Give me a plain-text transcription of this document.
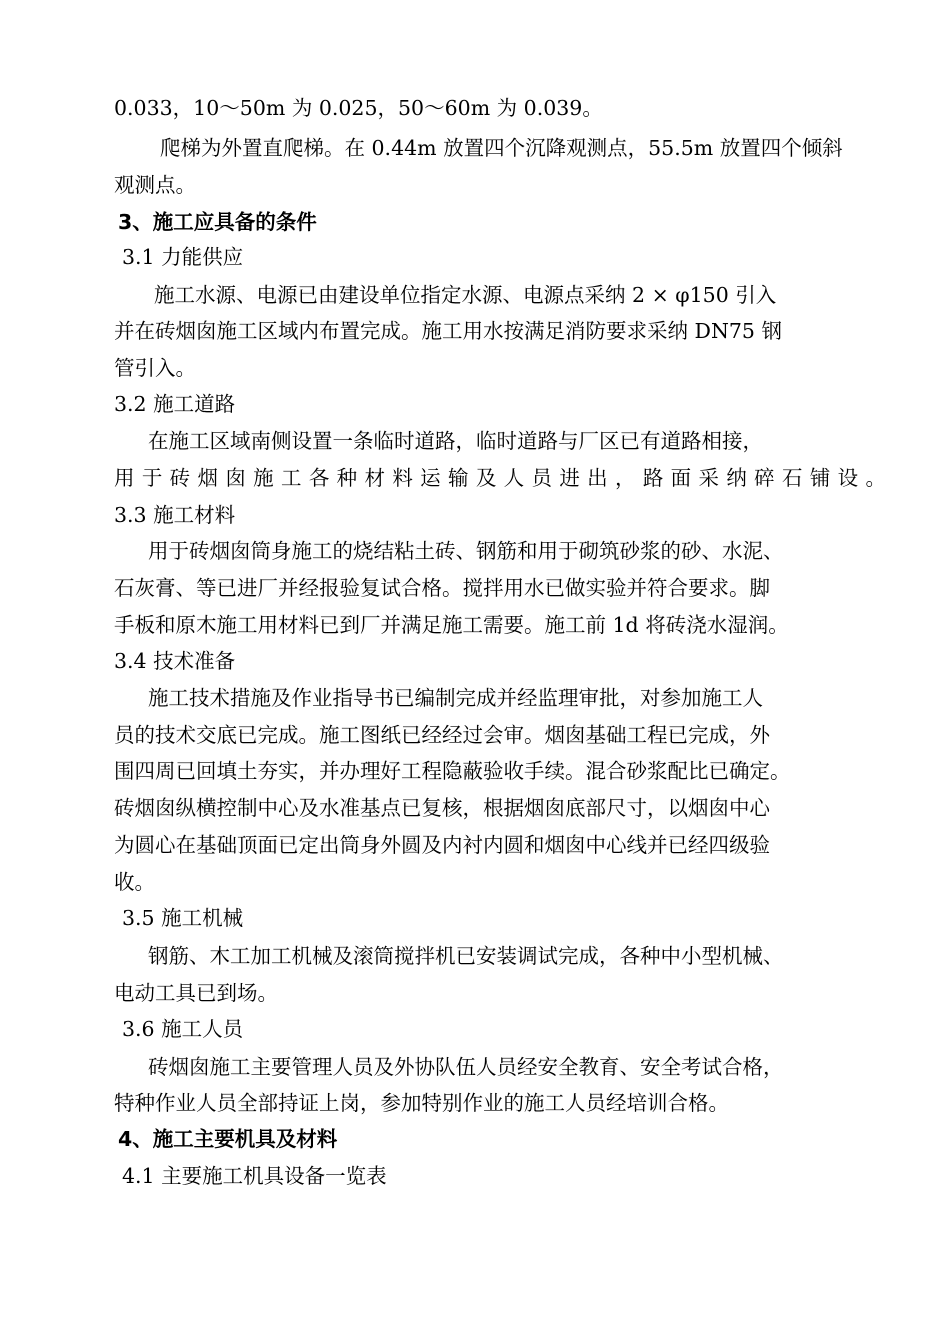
0.033，10～50m 为 0.025，50～60m 为 0.039。
爬梯为外置直爬梯。在 0.44m 放置四个沉降观测点，55.5m 放置四个倾斜
观测点。
3、施工应具备的条件
3.1 力能供应
施工水源、电源已由建设单位指定水源、电源点采纳 2 × φ150 引入
并在砖烟囱施工区域内布置完成。施工用水按满足消防要求采纳 DN75 钢
管引入。
3.2 施工道路
在施工区域南侧设置一条临时道路，临时道路与厂区已有道路相接，
用于砖烟囱施工各种材料运输及人员进出，路面采纳碎石铺设。
3.3 施工材料
用于砖烟囱筒身施工的烧结粘土砖、钢筋和用于砌筑砂浆的砂、水泥、
石灰膏、等已进厂并经报验复试合格。搅拌用水已做实验并符合要求。脚
手板和原木施工用材料已到厂并满足施工需要。施工前 1d 将砖浇水湿润。
3.4 技术准备
施工技术措施及作业指导书已编制完成并经监理审批，对参加施工人
员的技术交底已完成。施工图纸已经经过会审。烟囱基础工程已完成，外
围四周已回填土夯实，并办理好工程隐蔽验收手续。混合砂浆配比已确定。
砖烟囱纵横控制中心及水准基点已复核，根据烟囱底部尺寸，以烟囱中心
为圆心在基础顶面已定出筒身外圆及内衬内圆和烟囱中心线并已经四级验
收。
3.5 施工机械
钢筋、木工加工机械及滚筒搅拌机已安装调试完成，各种中小型机械、
电动工具已到场。
3.6 施工人员
砖烟囱施工主要管理人员及外协队伍人员经安全教育、安全考试合格，
特种作业人员全部持证上岗，参加特别作业的施工人员经培训合格。
4、施工主要机具及材料
4.1 主要施工机具设备一览表
